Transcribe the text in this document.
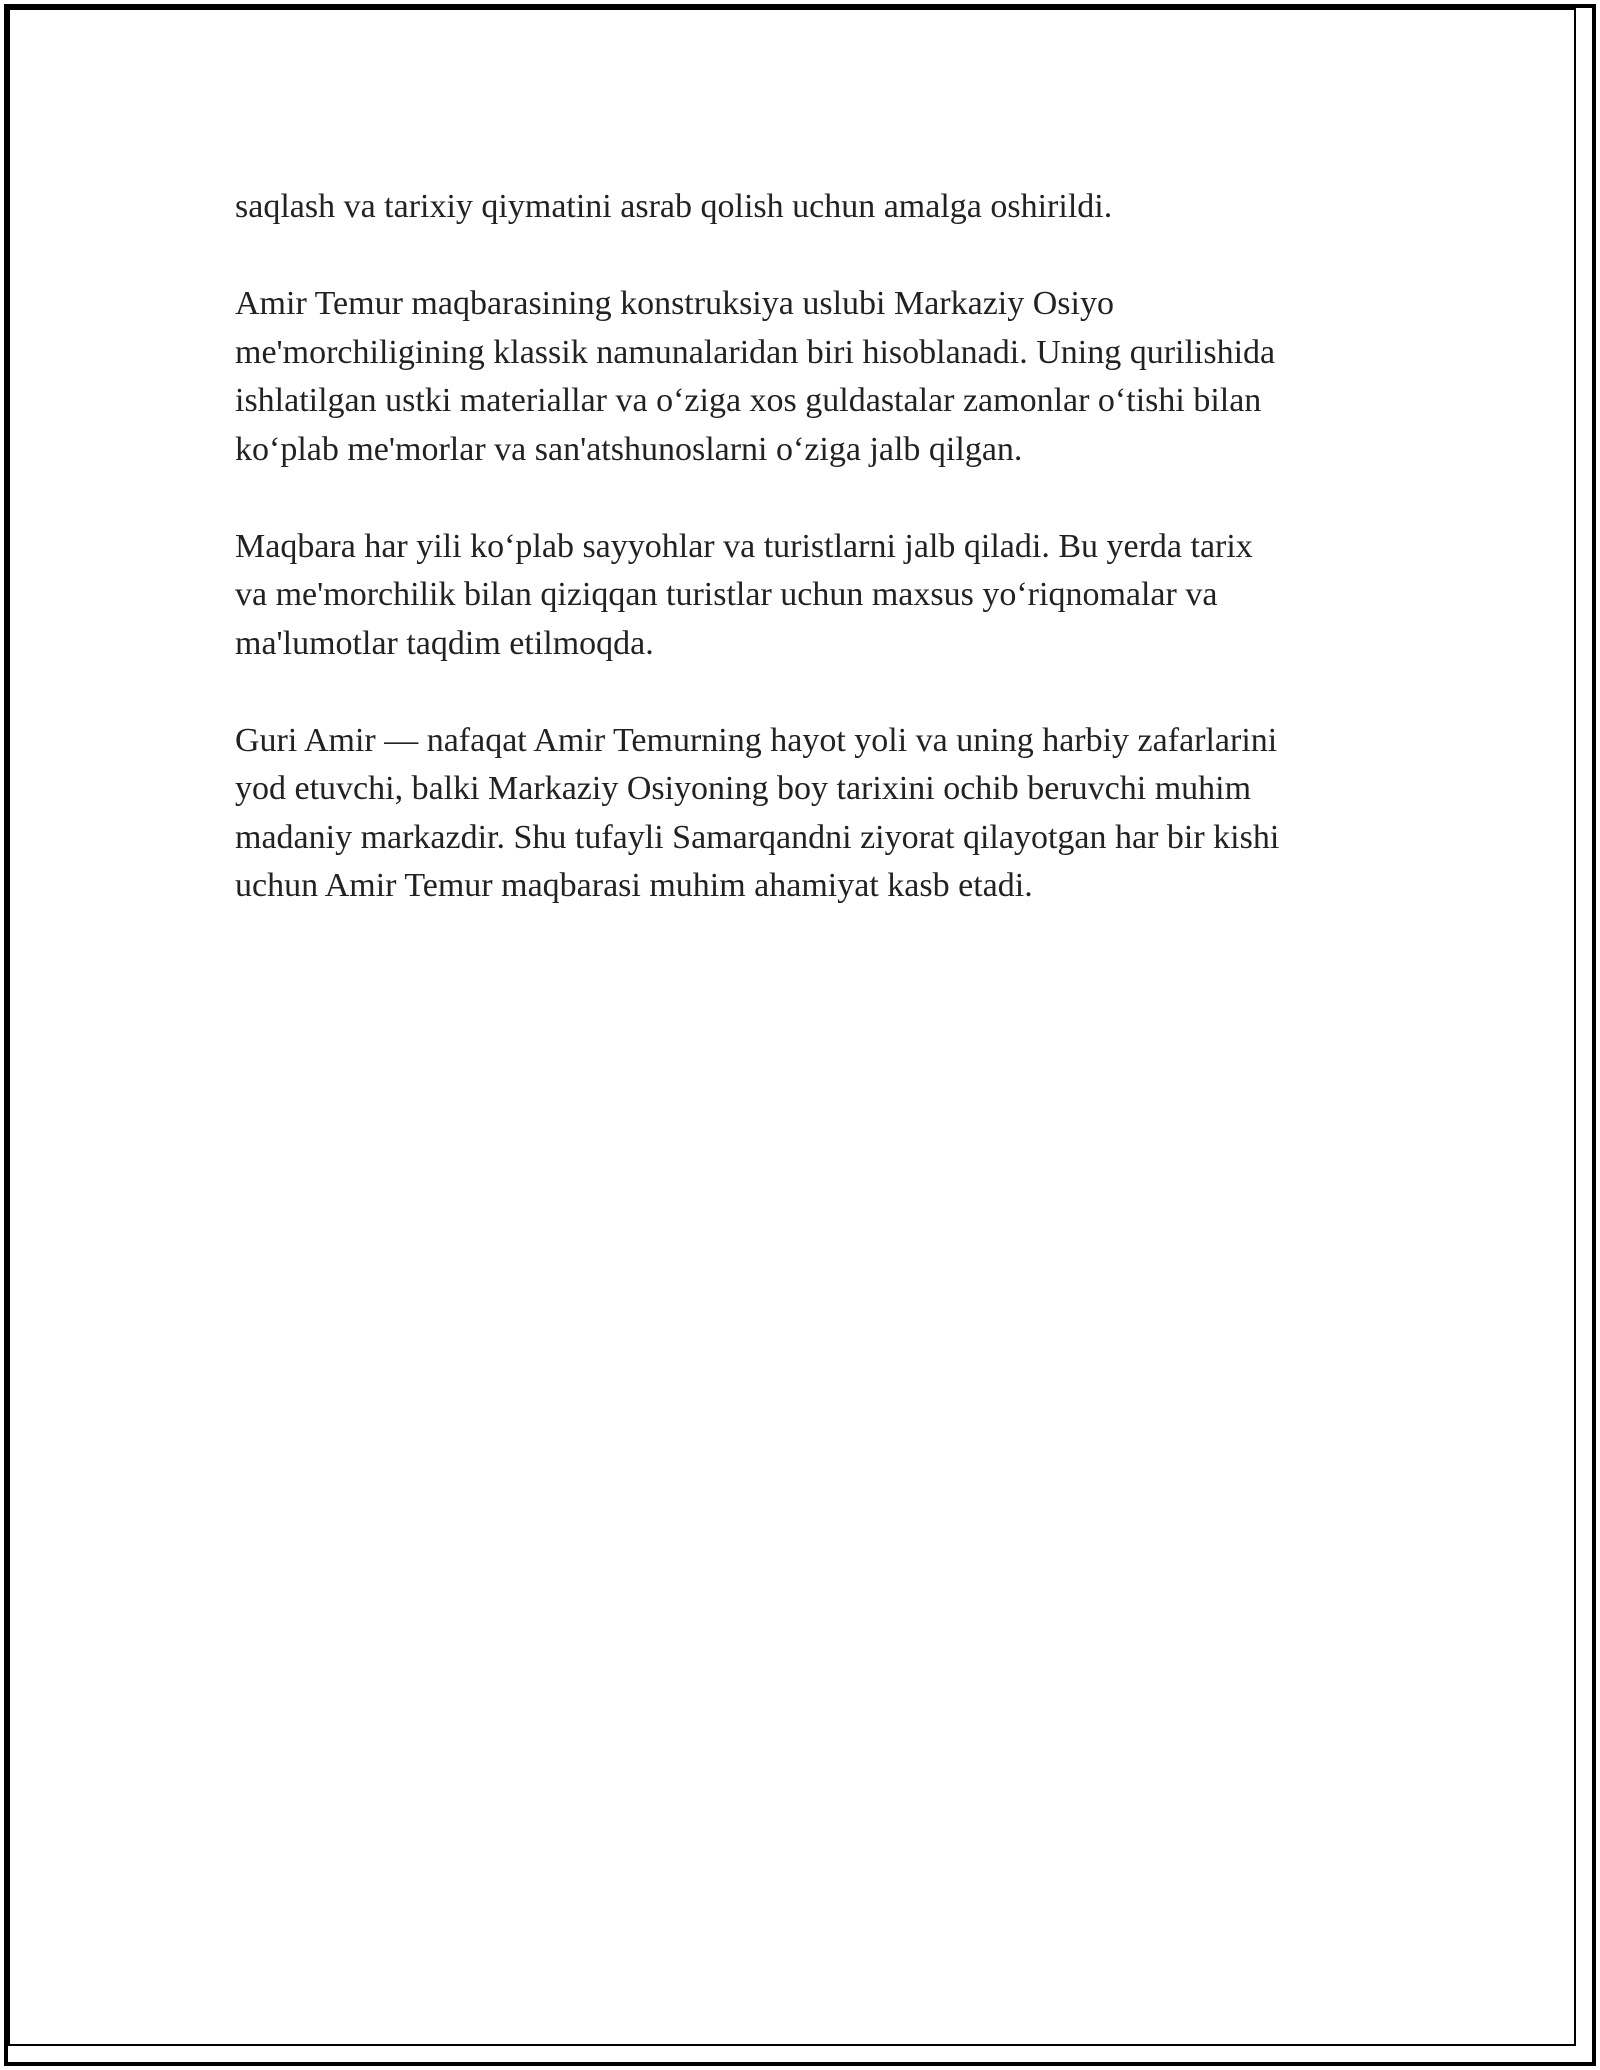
saqlash va tarixiy qiymatini asrab qolish uchun amalga oshirildi.

Amir Temur maqbarasining konstruksiya uslubi Markaziy Osiyo
me'morchiligining klassik namunalaridan biri hisoblanadi. Uning qurilishida
ishlatilgan ustki materiallar va o‘ziga xos guldastalar zamonlar o‘tishi bilan
ko‘plab me'morlar va san'atshunoslarni o‘ziga jalb qilgan.

Maqbara har yili ko‘plab sayyohlar va turistlarni jalb qiladi. Bu yerda tarix
va me'morchilik bilan qiziqqan turistlar uchun maxsus yo‘riqnomalar va
ma'lumotlar taqdim etilmoqda.

Guri Amir — nafaqat Amir Temurning hayot yoli va uning harbiy zafarlarini
yod etuvchi, balki Markaziy Osiyoning boy tarixini ochib beruvchi muhim
madaniy markazdir. Shu tufayli Samarqandni ziyorat qilayotgan har bir kishi
uchun Amir Temur maqbarasi muhim ahamiyat kasb etadi.
